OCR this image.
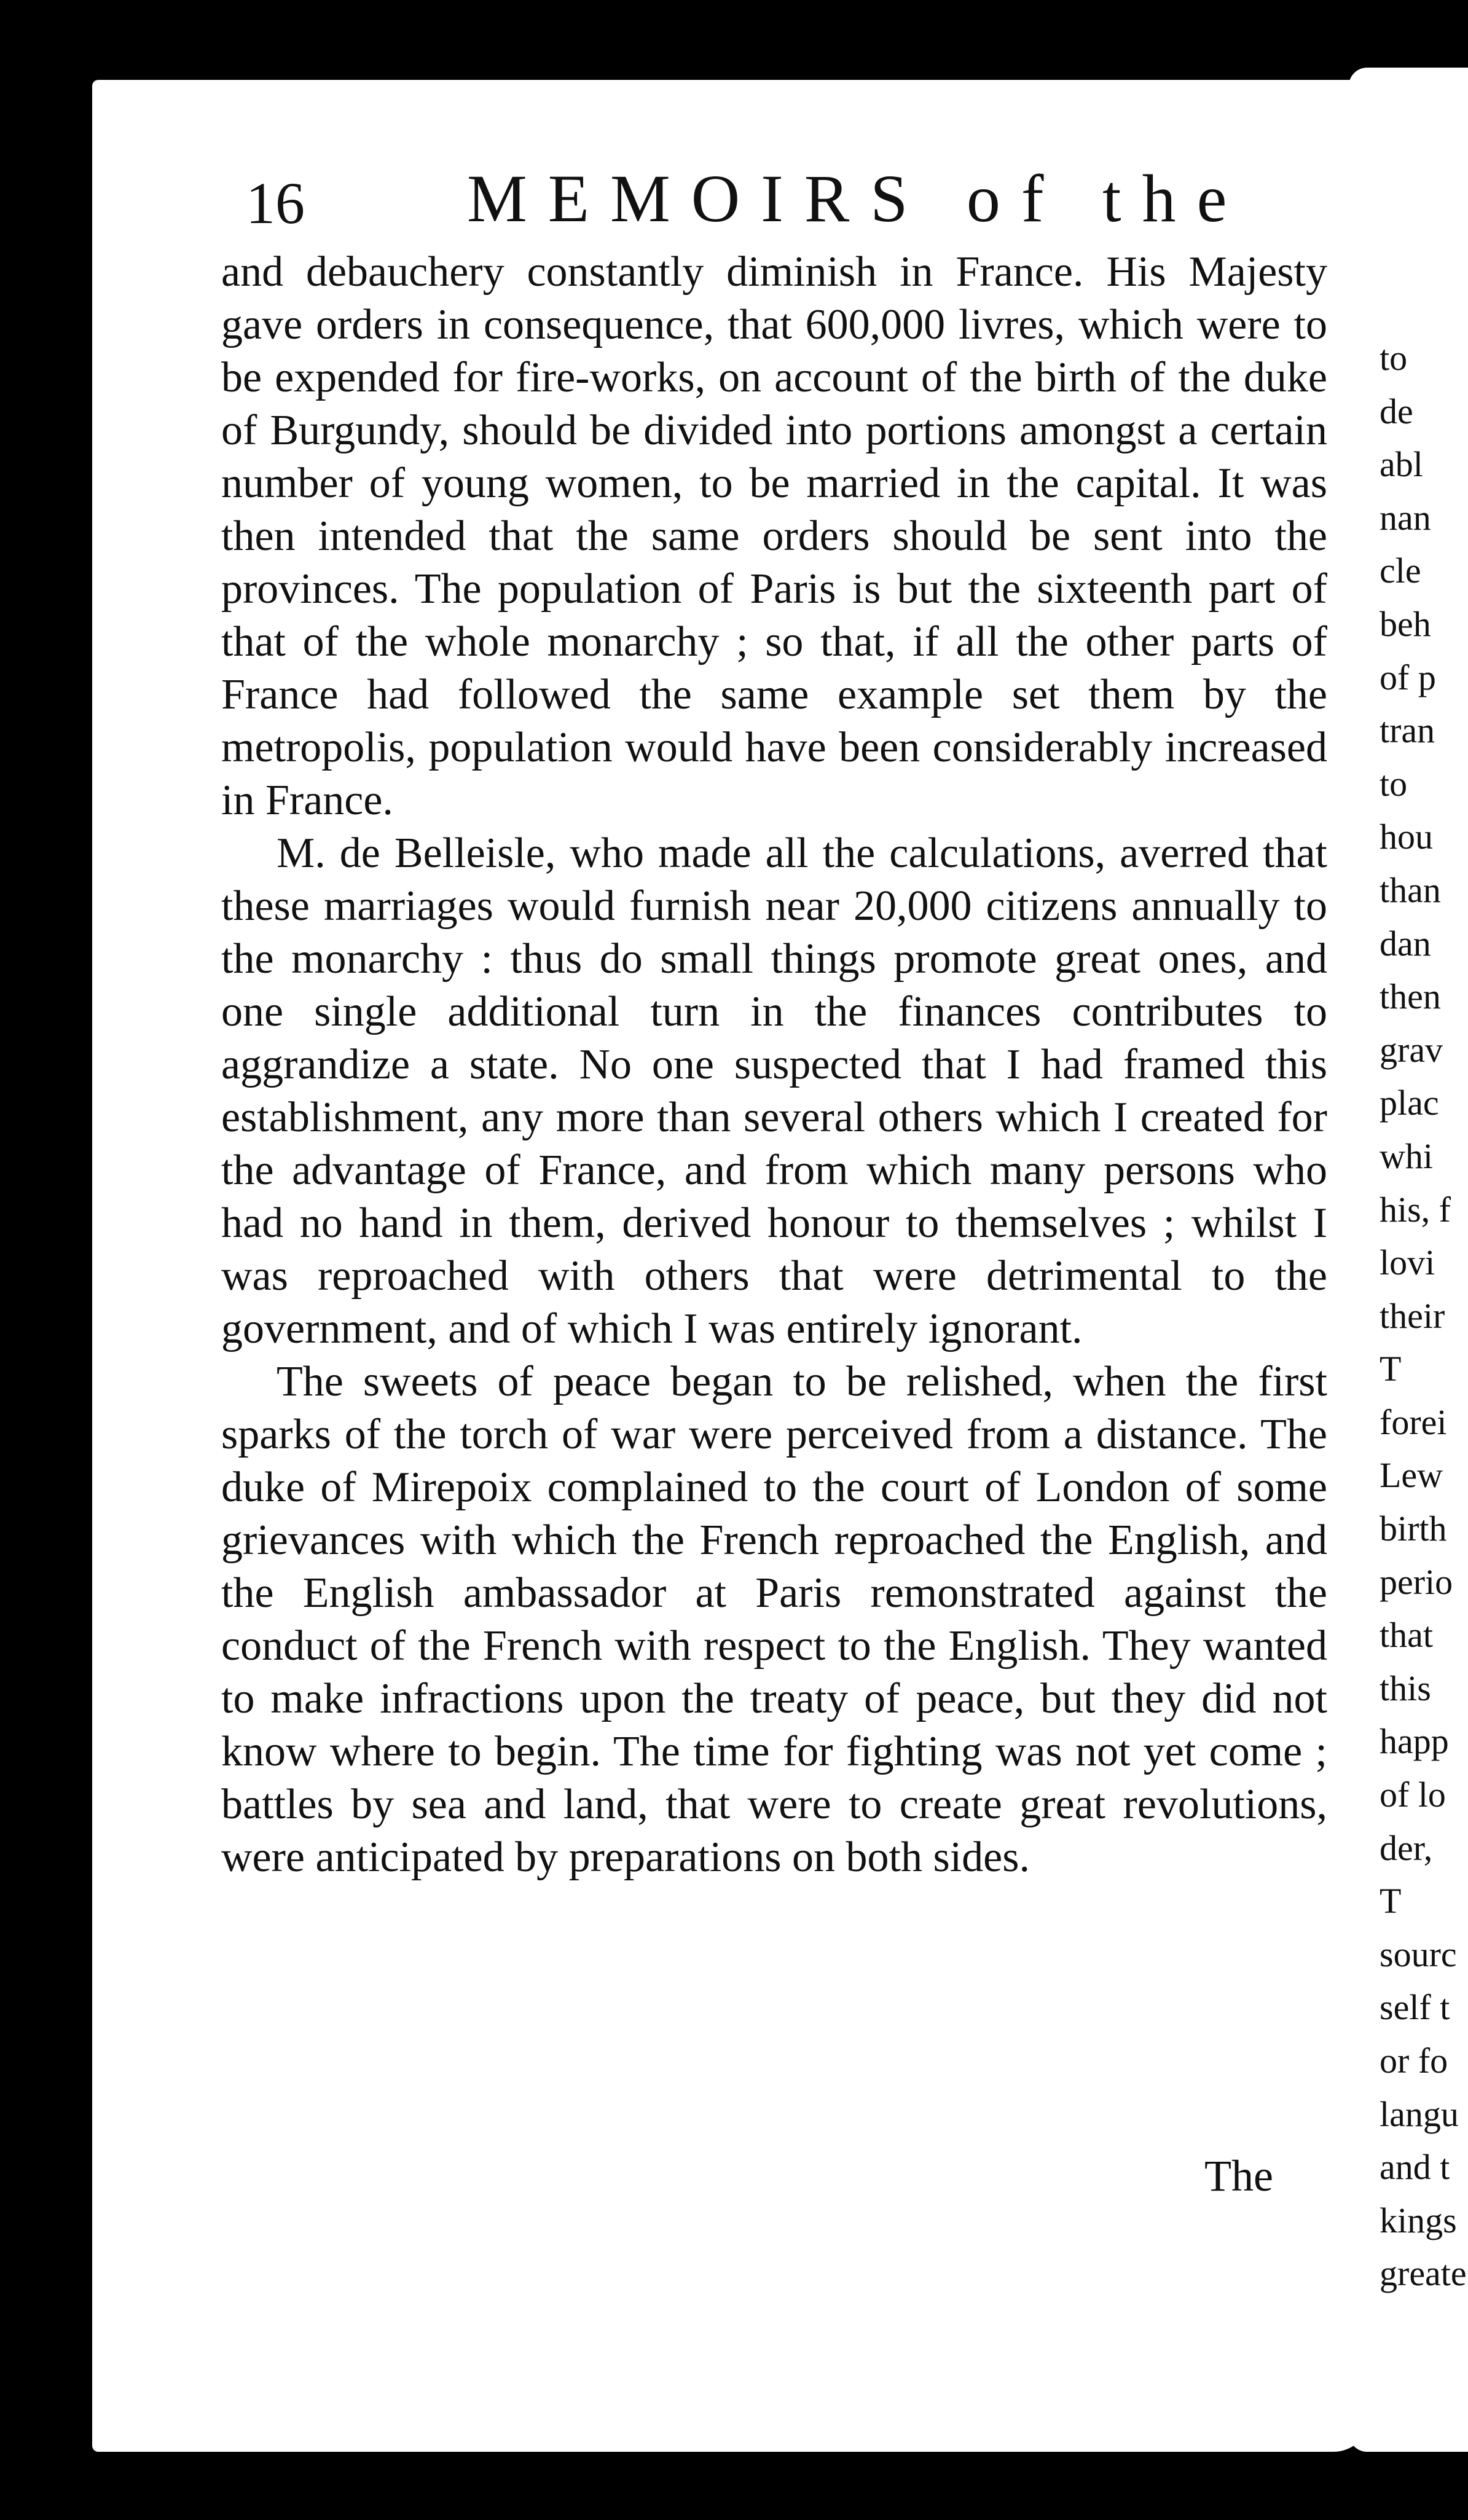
16 MEMOIRS of the

and debauchery constantly diminish in France. His Majesty gave orders in consequence, that 600,000 livres, which were to be expended for fire-works, on account of the birth of the duke of Burgundy, should be divided into portions amongst a certain number of young women, to be married in the capital. It was then intended that the same orders should be sent into the provinces. The population of Paris is but the sixteenth part of that of the whole monarchy ; so that, if all the other parts of France had followed the same example set them by the metropolis, population would have been considerably increased in France.

M. de Belleisle, who made all the calculations, averred that these marriages would furnish near 20,000 citizens annually to the monarchy : thus do small things promote great ones, and one single additional turn in the finances contributes to aggrandize a state. No one suspected that I had framed this establishment, any more than several others which I created for the advantage of France, and from which many persons who had no hand in them, derived honour to themselves ; whilst I was reproached with others that were detrimental to the government, and of which I was entirely ignorant.

The sweets of peace began to be relished, when the first sparks of the torch of war were perceived from a distance. The duke of Mirepoix complained to the court of London of some grievances with which the French reproached the English, and the English ambassador at Paris remonstrated against the conduct of the French with respect to the English. They wanted to make infractions upon the treaty of peace, but they did not know where to begin. The time for fighting was not yet come ; battles by sea and land, that were to create great revolutions, were anticipated by preparations on both sides.

The
to
de
abl
nan
cle
beh
of p
tran
to
hou
than
dan
then
grav
plac
whi
his, f
lovi
their
T
forei
Lew
birth
perio
that
this
happ
of lo
der,
T
sourc
self t
or fo
langu
and t
kings
greate
